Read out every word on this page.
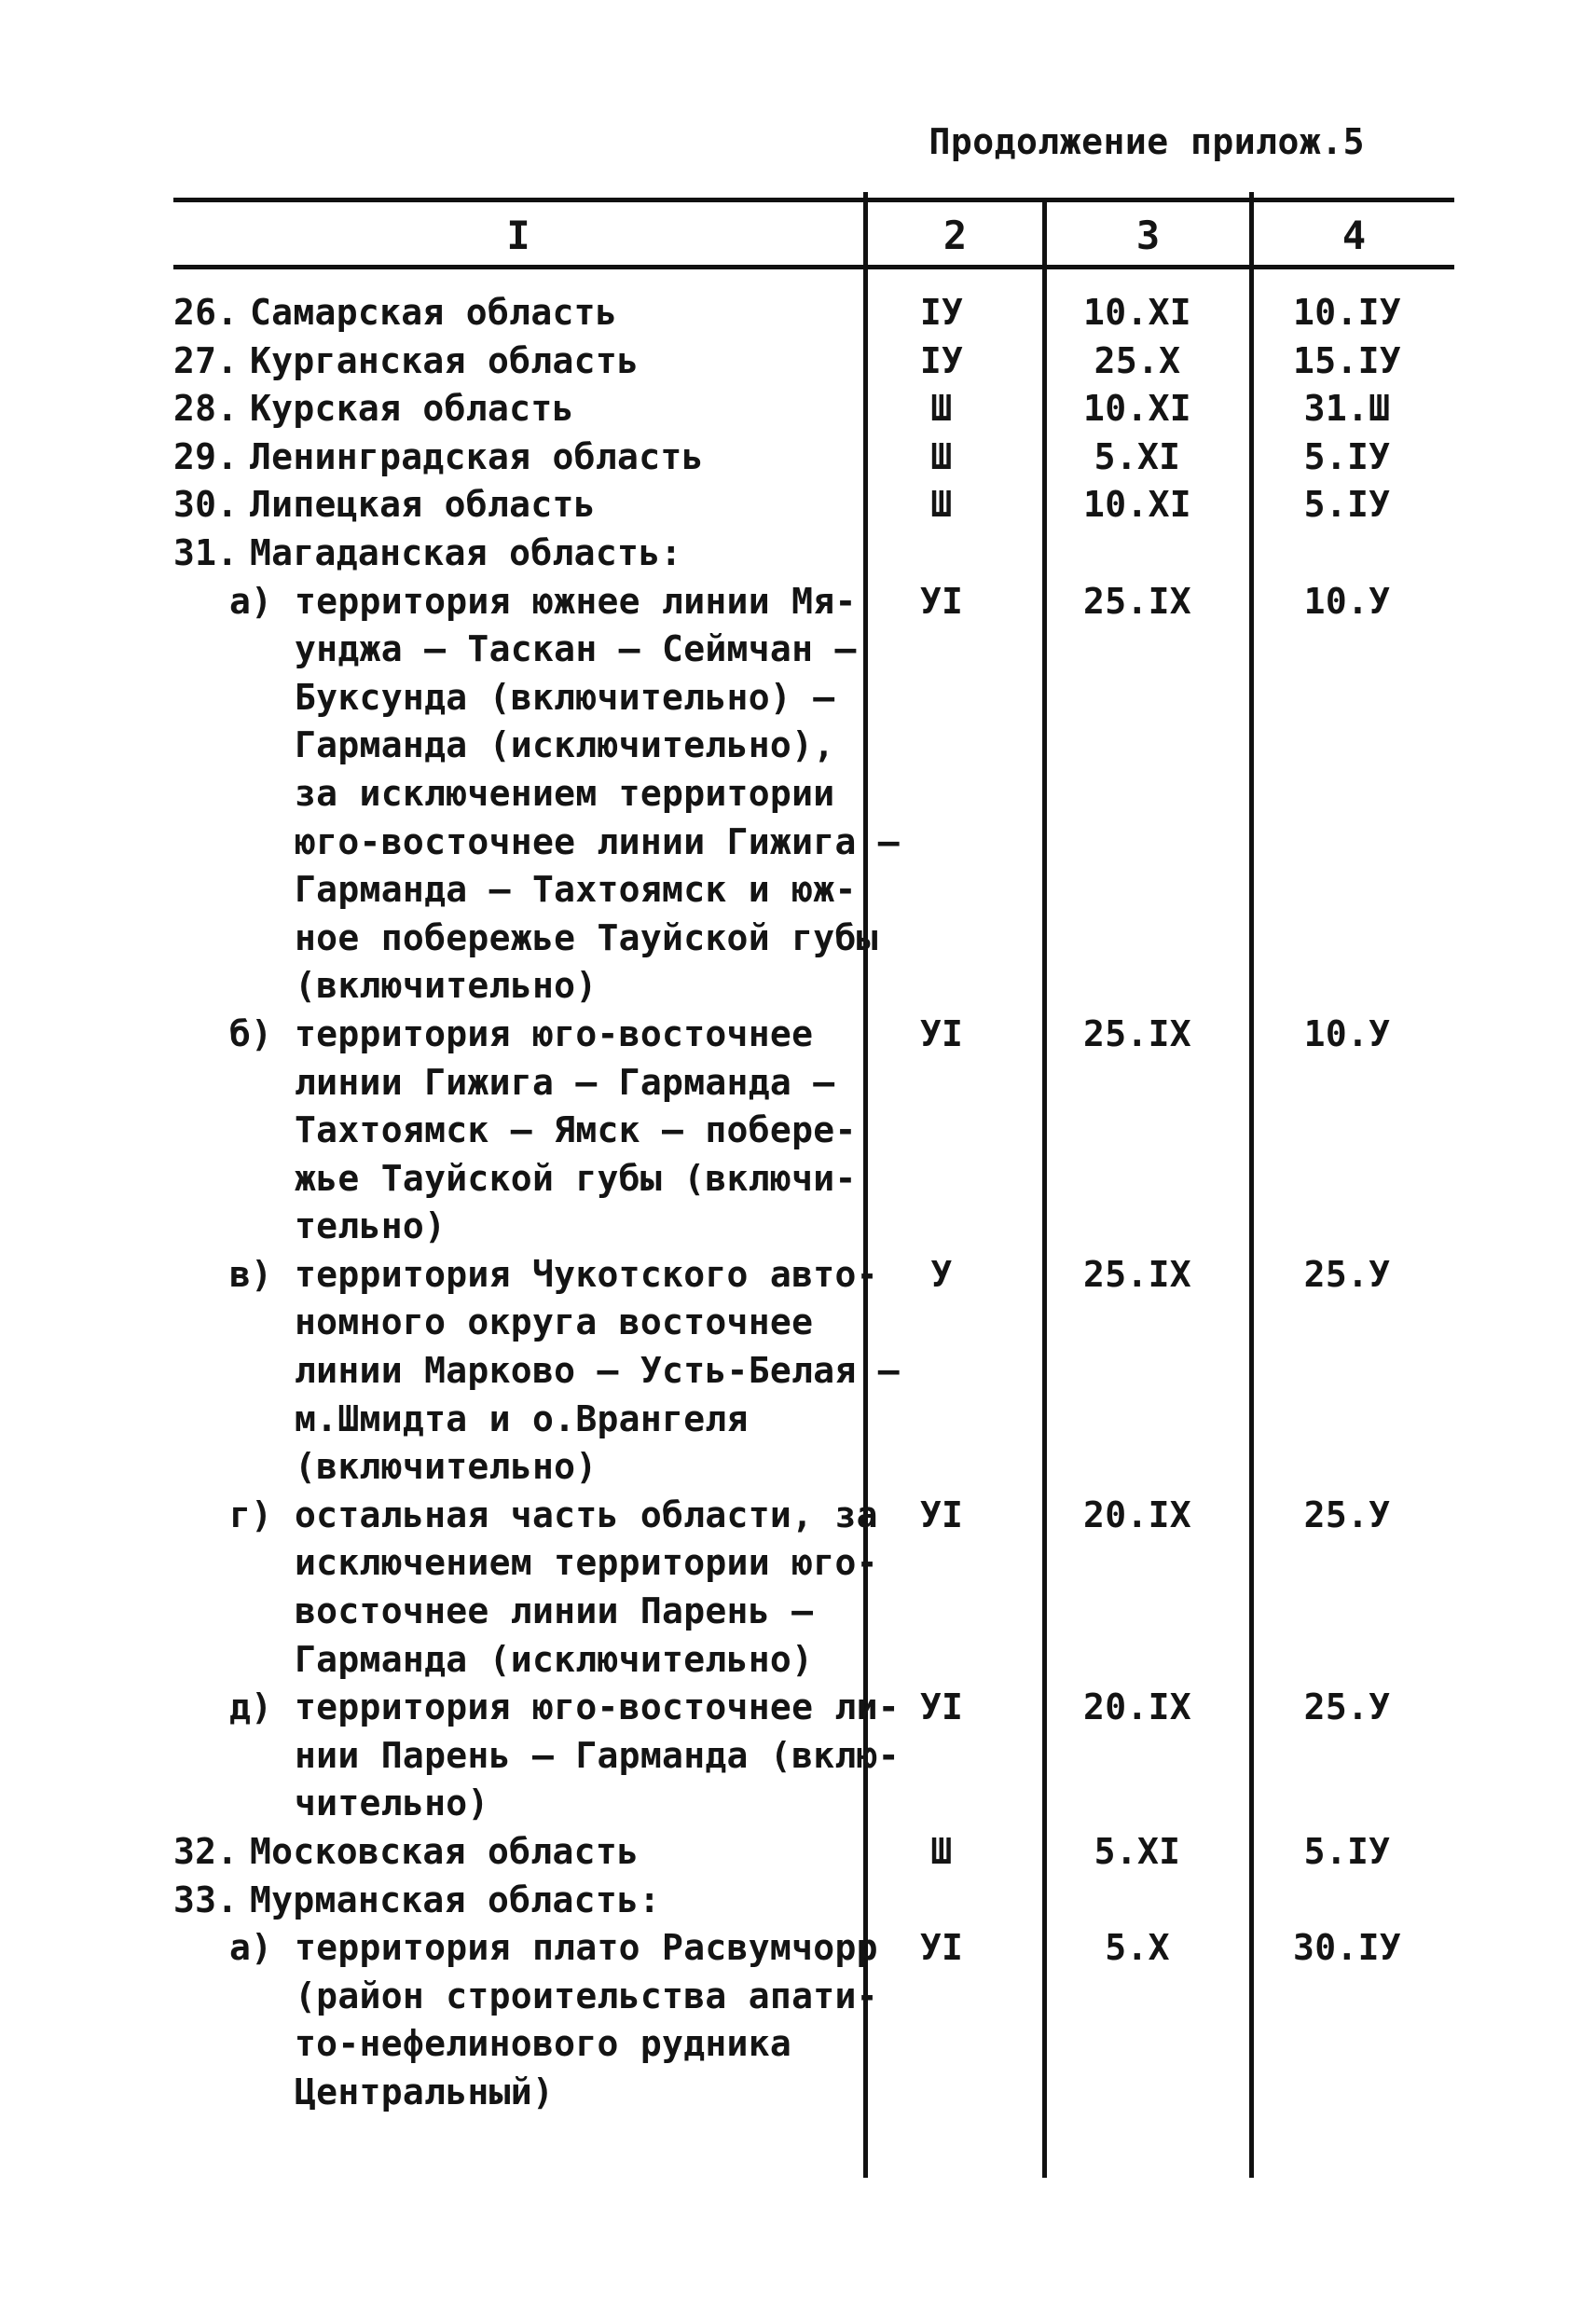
Продолжение прилож.5
I	2	3	4
26. Самарская область	IУ	10.XI	10.IУ
27. Курганская область	IУ	25.X	15.IУ
28. Курская область	Ш	10.XI	31.Ш
29. Ленинградская область	Ш	5.XI	5.IУ
30. Липецкая область	Ш	10.XI	5.IУ
31. Магаданская область:
а) территория южнее линии Мя-	УI	25.IX	10.У
унджа – Таскан – Сеймчан –
Буксунда (включительно) –
Гарманда (исключительно),
за исключением территории
юго-восточнее линии Гижига –
Гарманда – Тахтоямск и юж-
ное побережье Тауйской губы
(включительно)
б) территория юго-восточнее	УI	25.IX	10.У
линии Гижига – Гарманда –
Тахтоямск – Ямск – побере-
жье Тауйской губы (включи-
тельно)
в) территория Чукотского авто-	У	25.IX	25.У
номного округа восточнее
линии Марково – Усть-Белая –
м.Шмидта и о.Врангеля
(включительно)
г) остальная часть области, за	УI	20.IX	25.У
исключением территории юго-
восточнее линии Парень –
Гарманда (исключительно)
д) территория юго-восточнее ли- УI	20.IX	25.У
нии Парень – Гарманда (вклю-
чительно)
32. Московская область	Ш	5.XI	5.IУ
33. Мурманская область:
а) территория плато Расвумчорр	УI	5.X	30.IУ
(район строительства апати-
то-нефелинового рудника
Центральный)
